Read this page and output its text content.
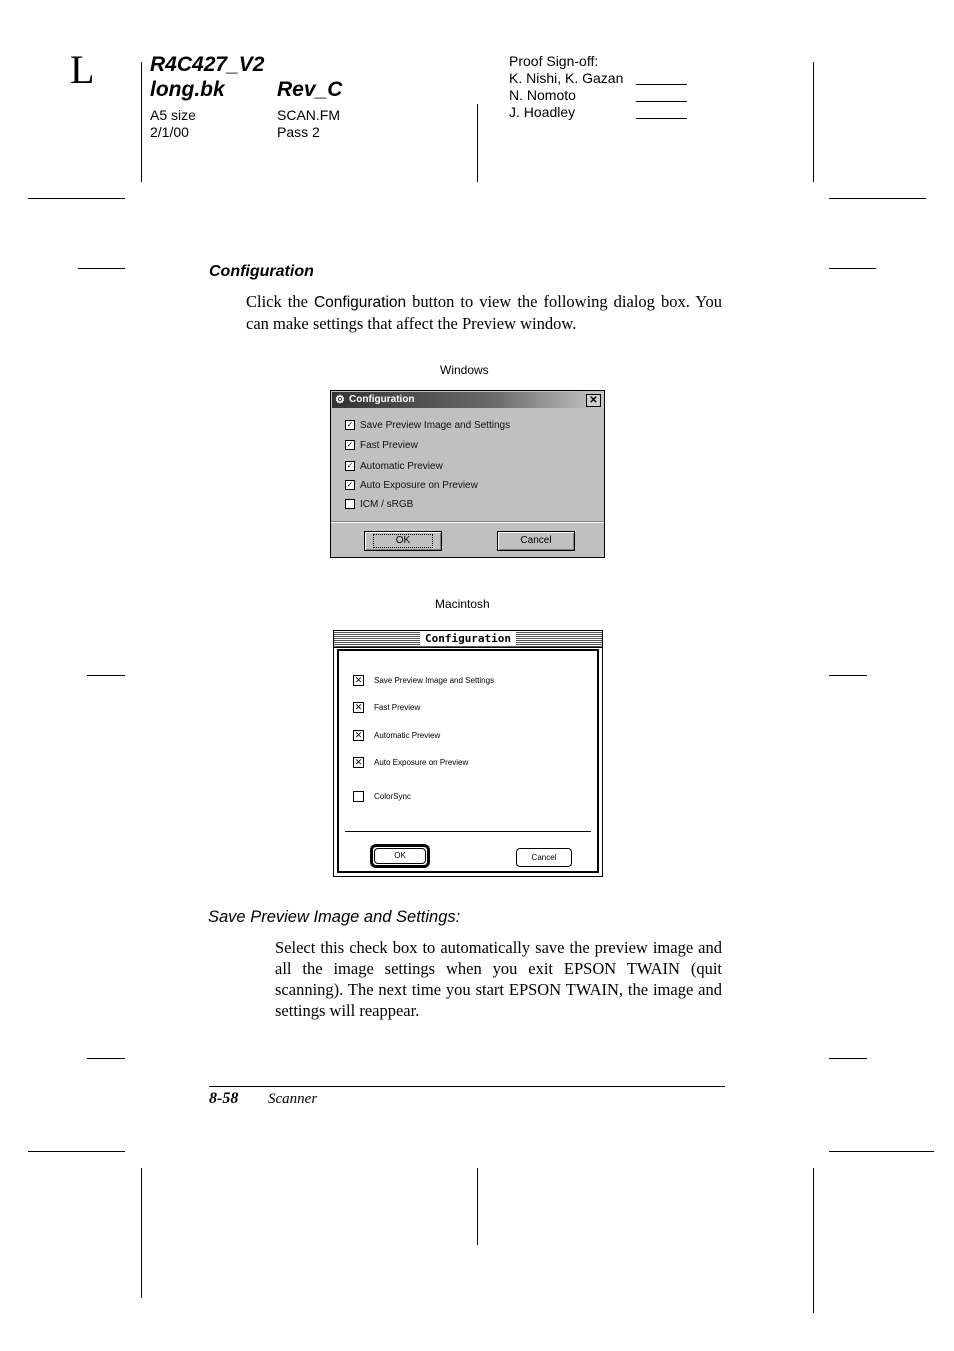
L	R4C427_V2
long.bk Rev_C
A5 size
2/1/00
SCAN.FM
Pass 2
Proof Sign-off:
K. Nishi, K. Gazan
N. Nomoto
J. Hoadley
Configuration
Click the Configuration button to view the following dialog box. You can make settings that affect the Preview window.
Windows
⚙ Configuration	✕
✓ Save Preview Image and Settings
✓ Fast Preview
✓ Automatic Preview
✓ Auto Exposure on Preview
ICM / sRGB
OK	Cancel
Macintosh
Configuration
✕ Save Preview Image and Settings
✕ Fast Preview
✕ Automatic Preview
✕ Auto Exposure on Preview
ColorSync
OK	Cancel
Save Preview Image and Settings:
Select this check box to automatically save the preview image and all the image settings when you exit EPSON TWAIN (quit scanning). The next time you start EPSON TWAIN, the image and settings will reappear.
8-58 Scanner
